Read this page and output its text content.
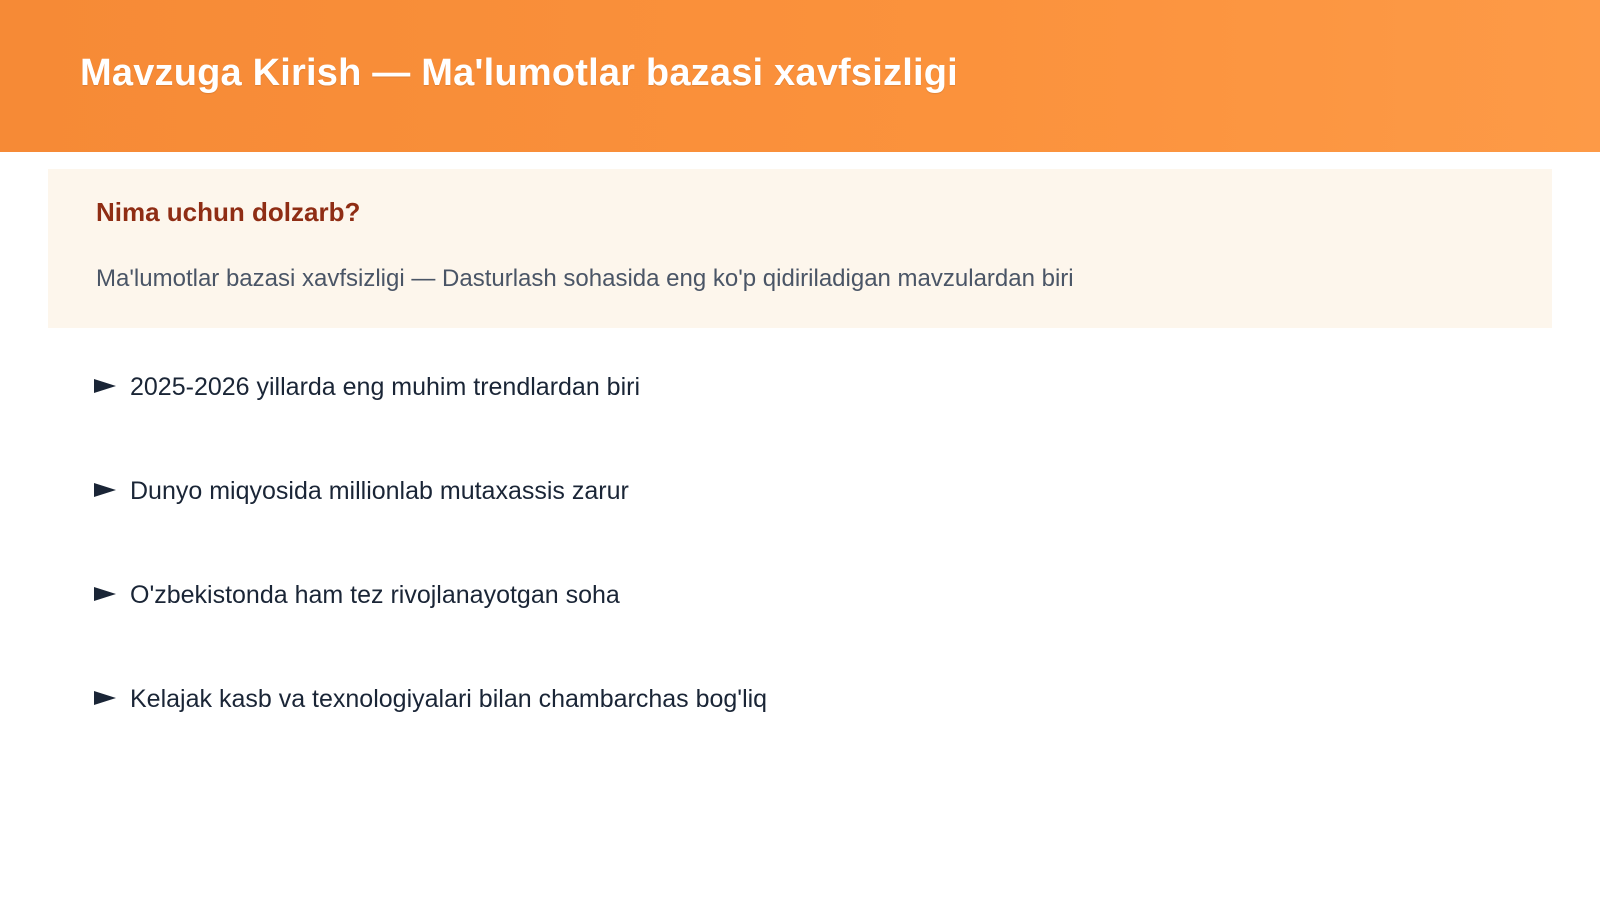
Mavzuga Kirish — Ma'lumotlar bazasi xavfsizligi
Nima uchun dolzarb?

Ma'lumotlar bazasi xavfsizligi — Dasturlash sohasida eng ko'p qidiriladigan mavzulardan biri

2025-2026 yillarda eng muhim trendlardan biri
Dunyo miqyosida millionlab mutaxassis zarur
O'zbekistonda ham tez rivojlanayotgan soha
Kelajak kasb va texnologiyalari bilan chambarchas bog'liq
